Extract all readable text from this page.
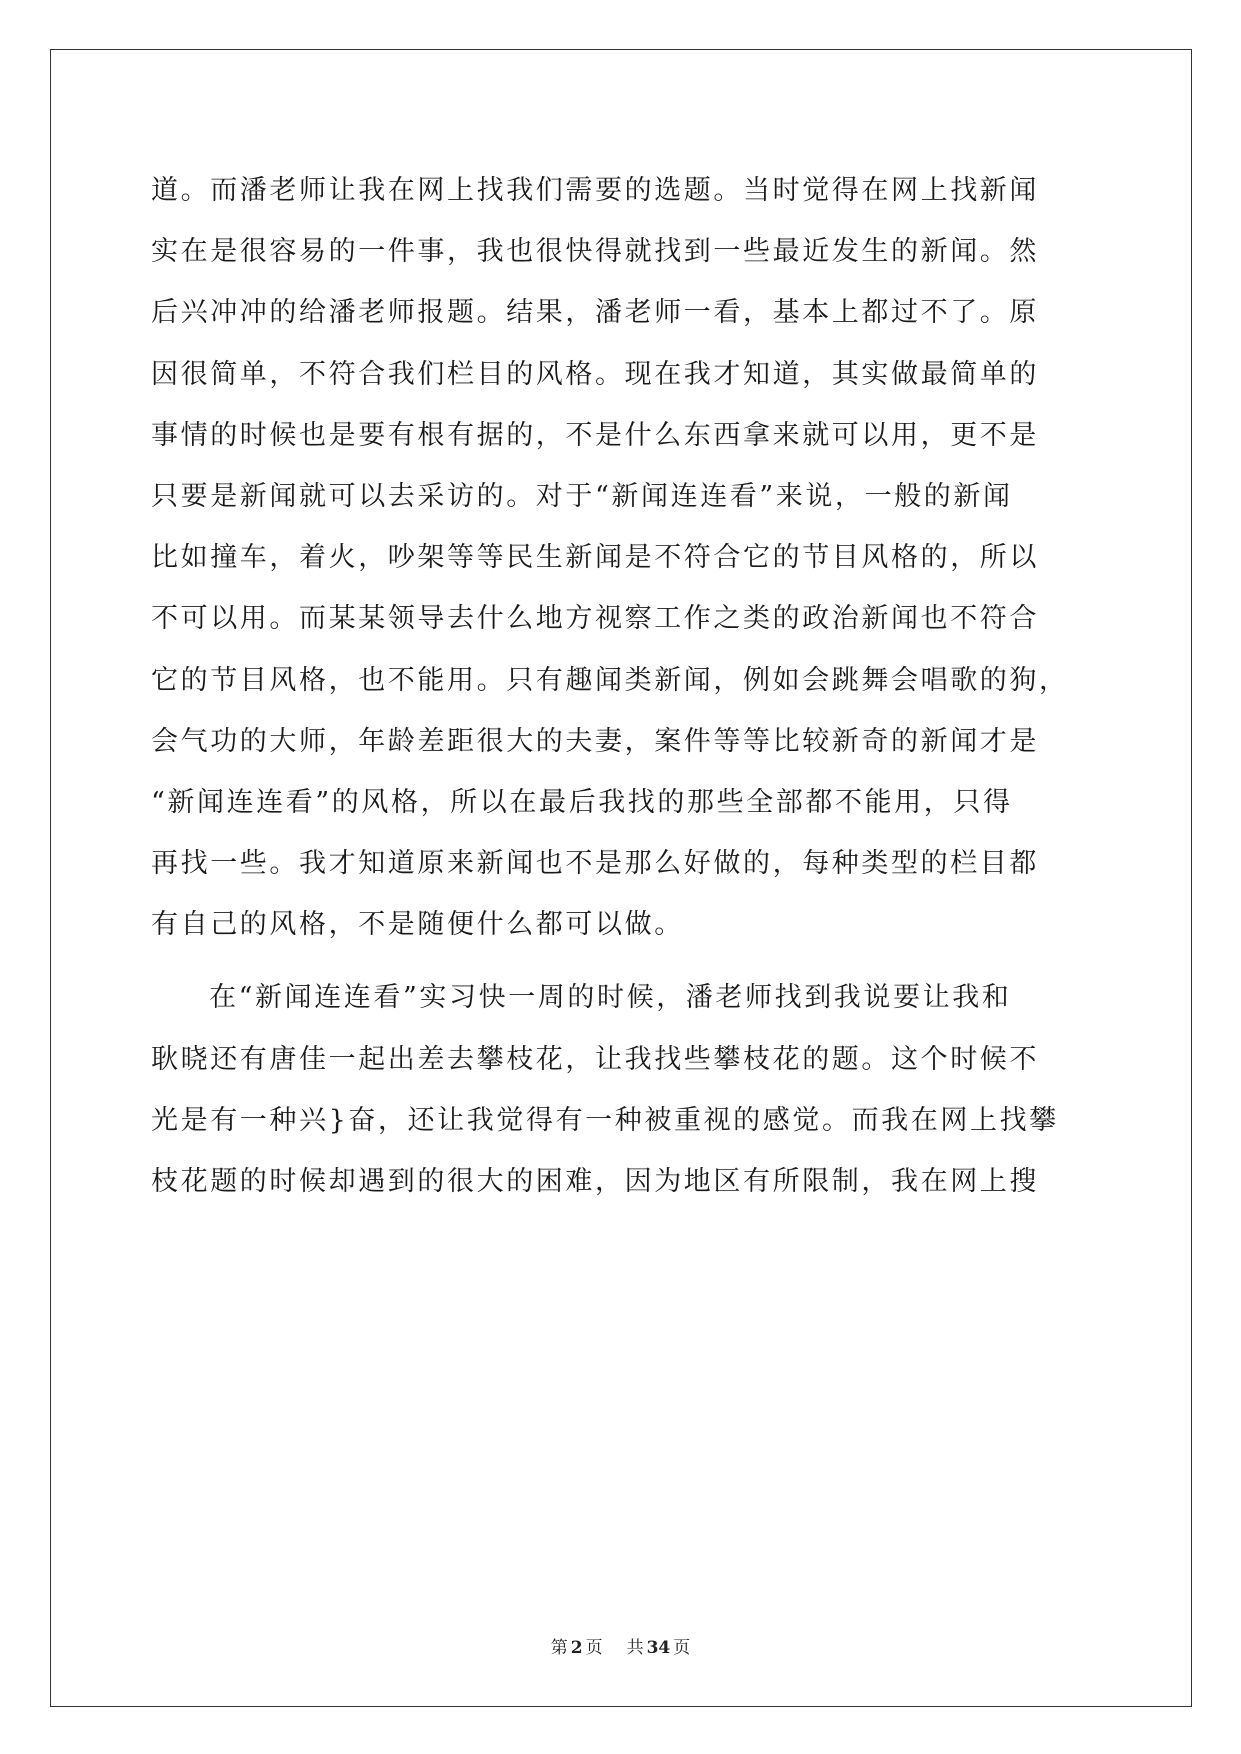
道。而潘老师让我在网上找我们需要的选题。当时觉得在网上找新闻
实在是很容易的一件事，我也很快得就找到一些最近发生的新闻。然
后兴冲冲的给潘老师报题。结果，潘老师一看，基本上都过不了。原
因很简单，不符合我们栏目的风格。现在我才知道，其实做最简单的
事情的时候也是要有根有据的，不是什么东西拿来就可以用，更不是
只要是新闻就可以去采访的。对于“新闻连连看”来说，一般的新闻
比如撞车，着火，吵架等等民生新闻是不符合它的节目风格的，所以
不可以用。而某某领导去什么地方视察工作之类的政治新闻也不符合
它的节目风格，也不能用。只有趣闻类新闻，例如会跳舞会唱歌的狗，
会气功的大师，年龄差距很大的夫妻，案件等等比较新奇的新闻才是
“新闻连连看”的风格，所以在最后我找的那些全部都不能用，只得
再找一些。我才知道原来新闻也不是那么好做的，每种类型的栏目都
有自己的风格，不是随便什么都可以做。
在“新闻连连看”实习快一周的时候，潘老师找到我说要让我和
耿晓还有唐佳一起出差去攀枝花，让我找些攀枝花的题。这个时候不
光是有一种兴}奋，还让我觉得有一种被重视的感觉。而我在网上找攀
枝花题的时候却遇到的很大的困难，因为地区有所限制，我在网上搜
第 2 页 共 34 页
